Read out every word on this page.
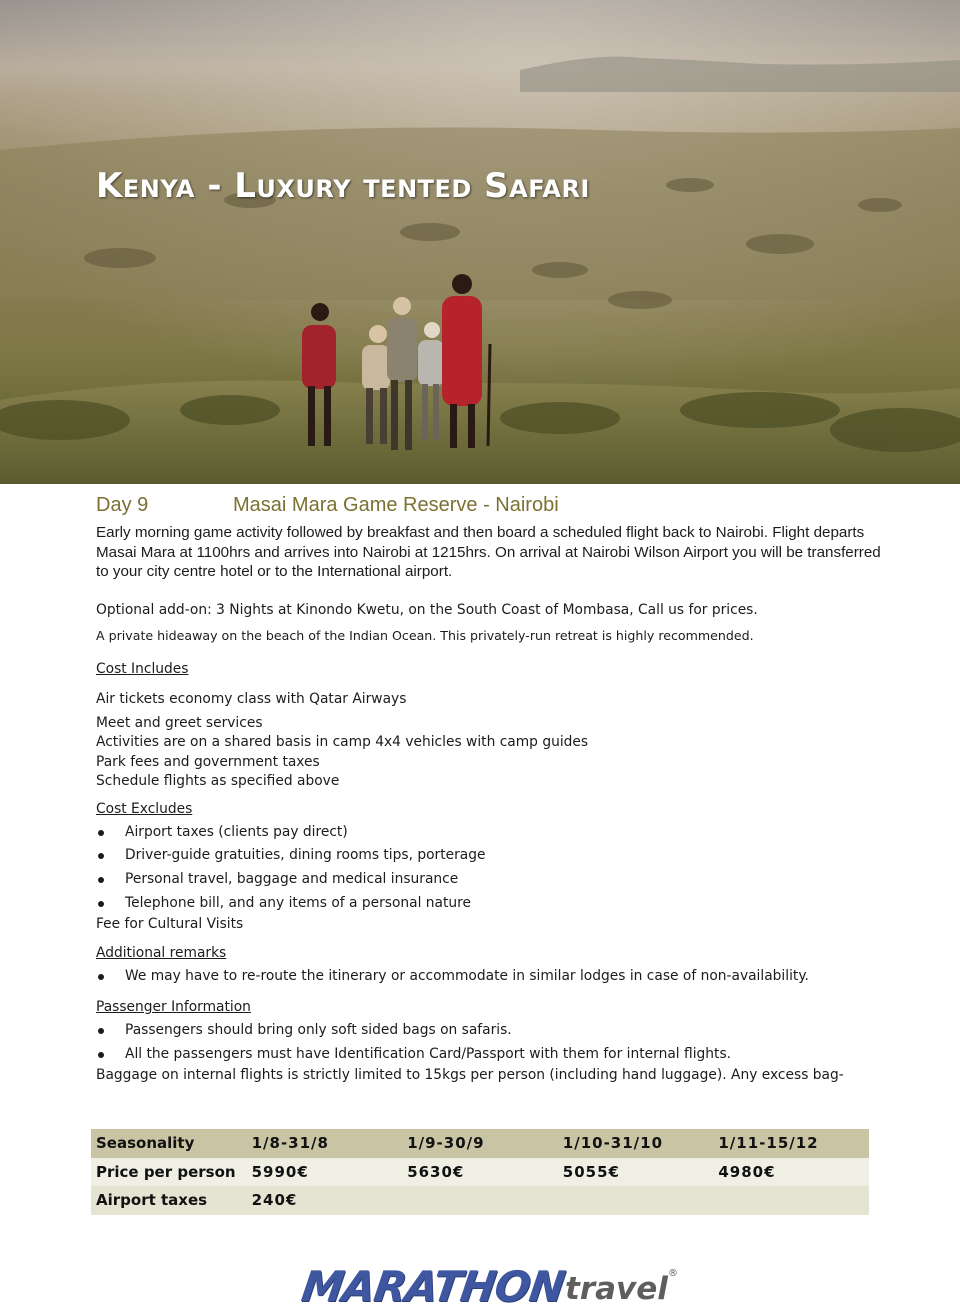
Kenya - Luxury tented Safari
Day 9	Masai Mara Game Reserve - Nairobi

Early morning game activity followed by breakfast and then board a scheduled flight back to Nairobi. Flight departs Masai Mara at 1100hrs and arrives into Nairobi at 1215hrs. On arrival at Nairobi Wilson Airport you will be transferred to your city centre hotel or to the International airport.

Optional add-on: 3 Nights at Kinondo Kwetu, on the South Coast of Mombasa, Call us for prices.

A private hideaway on the beach of the Indian Ocean. This privately-run retreat is highly recommended.

Cost Includes

Air tickets economy class with Qatar Airways

Meet and greet services
Activities are on a shared basis in camp 4x4 vehicles with camp guides
Park fees and government taxes
Schedule flights as specified above

Cost Excludes

Airport taxes (clients pay direct)
Driver-guide gratuities, dining rooms tips, porterage
Personal travel, baggage and medical insurance
Telephone bill, and any items of a personal nature

Fee for Cultural Visits

Additional remarks

We may have to re-route the itinerary or accommodate in similar lodges in case of non-availability.

Passenger Information

Passengers should bring only soft sided bags on safaris.
All the passengers must have Identification Card/Passport with them for internal flights.

Baggage on internal flights is strictly limited to 15kgs per person (including hand luggage). Any excess bag-

Seasonality	1/8-31/8	1/9-30/9	1/10-31/10	1/11-15/12
Price per person	5990€	5630€	5055€	4980€
Airport taxes	240€			
MARATHON
travel ®
